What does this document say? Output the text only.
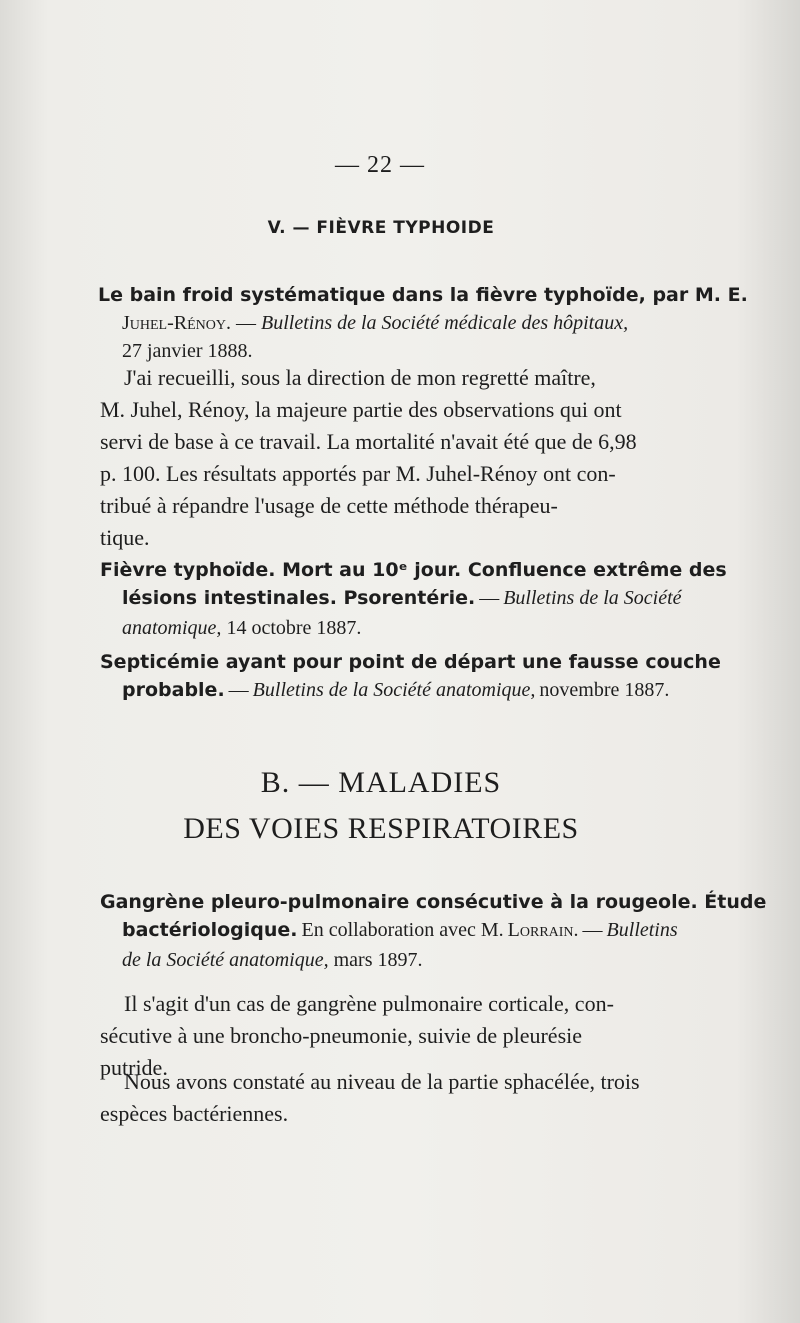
— 22 —
V. — FIÈVRE TYPHOIDE
Le bain froid systématique dans la fièvre typhoïde, par M. E.
Juhel-Rénoy. — Bulletins de la Société médicale des hôpitaux,
27 janvier 1888.
J'ai recueilli, sous la direction de mon regretté maître,
M. Juhel, Rénoy, la majeure partie des observations qui ont
servi de base à ce travail. La mortalité n'avait été que de 6,98
p. 100. Les résultats apportés par M. Juhel-Rénoy ont con-
tribué à répandre l'usage de cette méthode thérapeu-
tique.
Fièvre typhoïde. Mort au 10ᵉ jour. Confluence extrême des
lésions intestinales. Psorentérie. — Bulletins de la Société
anatomique, 14 octobre 1887.
Septicémie ayant pour point de départ une fausse couche
probable. — Bulletins de la Société anatomique, novembre 1887.
B. — MALADIES
DES VOIES RESPIRATOIRES
Gangrène pleuro-pulmonaire consécutive à la rougeole. Étude
bactériologique. En collaboration avec M. Lorrain. — Bulletins
de la Société anatomique, mars 1897.
Il s'agit d'un cas de gangrène pulmonaire corticale, con-
sécutive à une broncho-pneumonie, suivie de pleurésie
putride.
Nous avons constaté au niveau de la partie sphacélée, trois
espèces bactériennes.
